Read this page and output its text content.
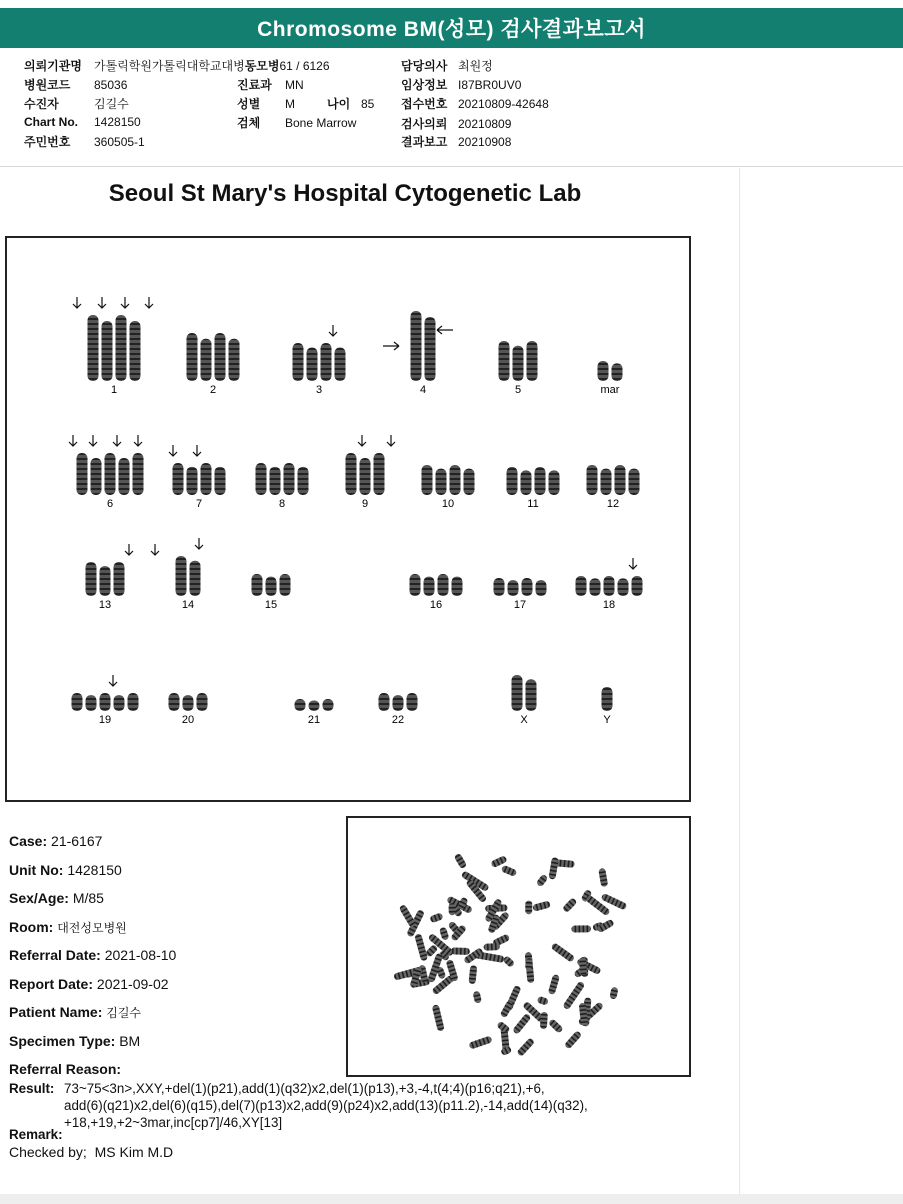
Chromosome BM(성모) 검사결과보고서
의뢰기관명	가톨릭학원가톨릭대학교대병 동모병 61 / 6126
병원코드	85036
수진자	김길수
Chart No.	1428150
주민번호	360505-1
진료과	MN
성별	M	나이 85
검체	Bone Marrow
담당의사 최원정
임상정보 I87BR0UV0
접수번호 20210809-42648
검사의뢰 20210809
결과보고 20210908
Seoul St Mary's Hospital Cytogenetic Lab
1	2	3	4	5	mar
6	7	8	9	10	11	12
13	14	15	16	17	18
19	20	21	22	X	Y
Case: 21-6167
Unit No: 1428150
Sex/Age: M/85
Room: 대전성모병원
Referral Date: 2021-08-10
Report Date: 2021-09-02
Patient Name: 김길수
Specimen Type: BM
Referral Reason:
Result: 73~75<3n>,XXY,+del(1)(p21),add(1)(q32)x2,del(1)(p13),+3,-4,t(4;4)(p16;q21),+6,
add(6)(q21)x2,del(6)(q15),del(7)(p13)x2,add(9)(p24)x2,add(13)(p11.2),-14,add(14)(q32),
+18,+19,+2~3mar,inc[cp7]/46,XY[13]
Remark:
Checked by; MS Kim M.D
